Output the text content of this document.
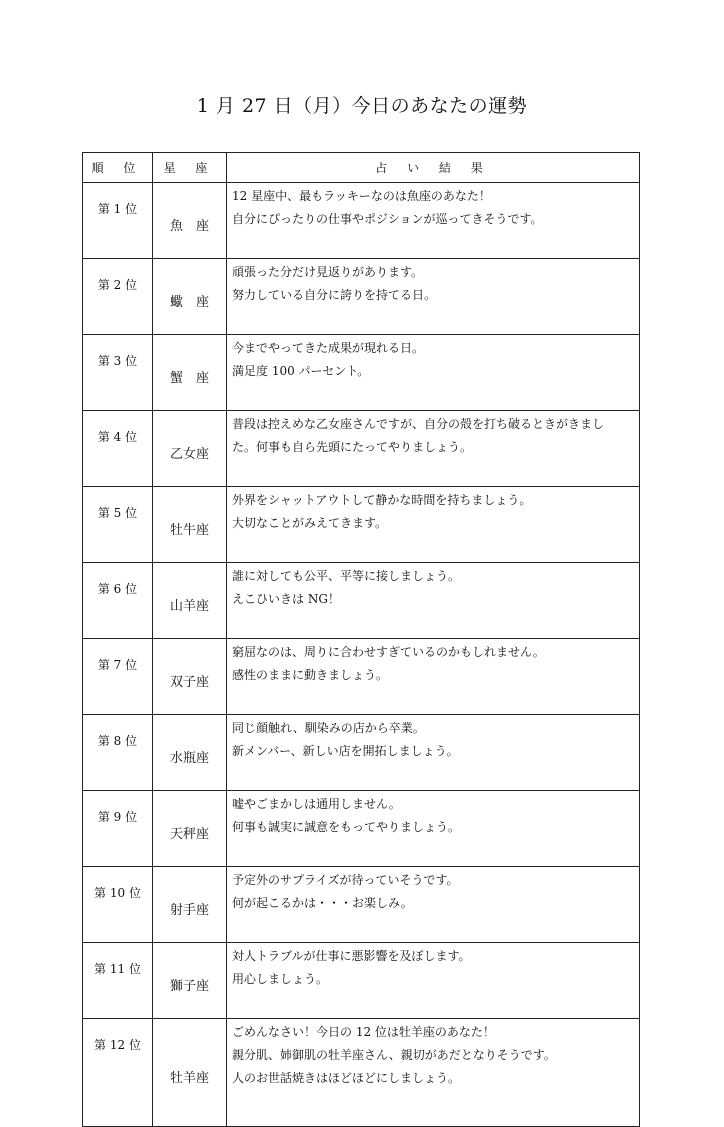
1 月 27 日（月）今日のあなたの運勢
順 位	星 座	占 い 結 果
第 1 位	魚　座	12 星座中、最もラッキーなのは魚座のあなた！
自分にぴったりの仕事やポジションが巡ってきそうです。

第 2 位	蠍　座	頑張った分だけ見返りがあります。
努力している自分に誇りを持てる日。

第 3 位	蟹　座	今までやってきた成果が現れる日。
満足度 100 パーセント。

第 4 位	乙女座	普段は控えめな乙女座さんですが、自分の殻を打ち破るときがきまし
た。何事も自ら先頭にたってやりましょう。

第 5 位	牡牛座	外界をシャットアウトして静かな時間を持ちましょう。
大切なことがみえてきます。

第 6 位	山羊座	誰に対しても公平、平等に接しましょう。
えこひいきは NG！

第 7 位	双子座	窮屈なのは、周りに合わせすぎているのかもしれません。
感性のままに動きましょう。

第 8 位	水瓶座	同じ顔触れ、馴染みの店から卒業。
新メンバー、新しい店を開拓しましょう。

第 9 位	天秤座	嘘やごまかしは通用しません。
何事も誠実に誠意をもってやりましょう。

第 10 位	射手座	予定外のサプライズが待っていそうです。
何が起こるかは・・・お楽しみ。

第 11 位	獅子座	対人トラブルが仕事に悪影響を及ぼします。
用心しましょう。

第 12 位	牡羊座	ごめんなさい！今日の 12 位は牡羊座のあなた！
親分肌、姉御肌の牡羊座さん、親切があだとなりそうです。
人のお世話焼きはほどほどにしましょう。
